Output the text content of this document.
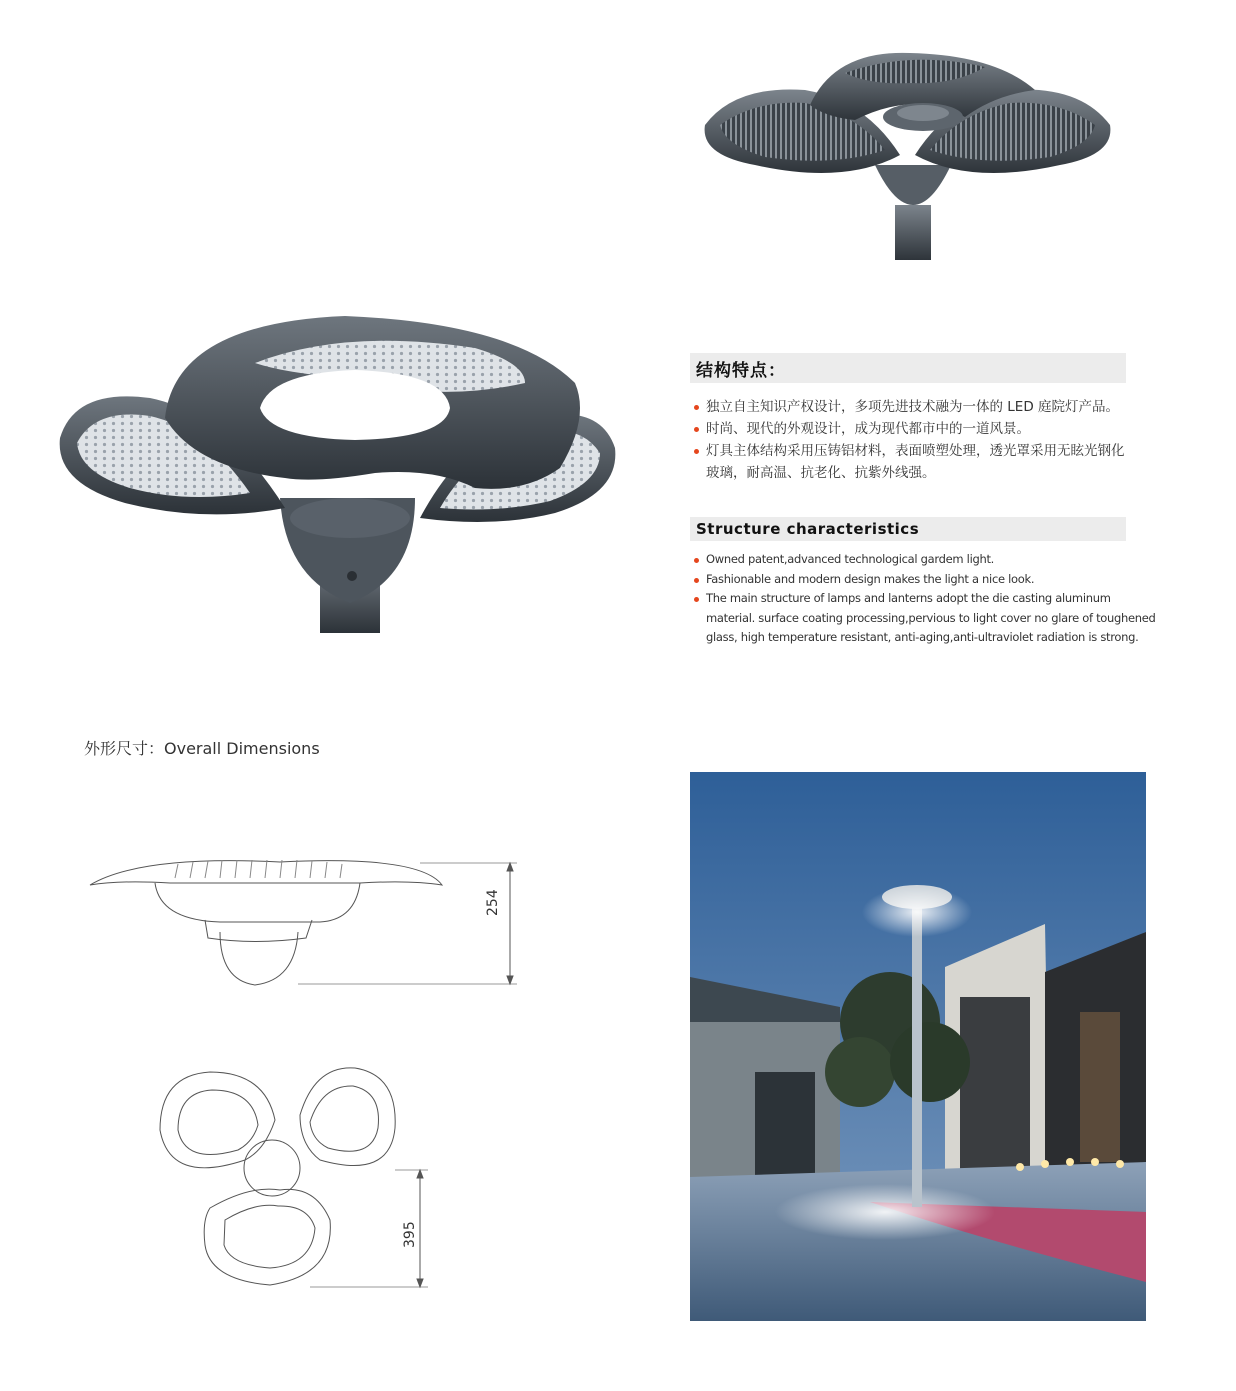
结构特点：
独立自主知识产权设计，多项先进技术融为一体的 LED 庭院灯产品。
时尚、现代的外观设计，成为现代都市中的一道风景。
灯具主体结构采用压铸铝材料，表面喷塑处理，透光罩采用无眩光钢化玻璃，耐高温、抗老化、抗紫外线强。
Structure characteristics
Owned patent,advanced technological gardem light.
Fashionable and modern design makes the light a nice look.
The main structure of lamps and lanterns adopt the die casting aluminum material. surface coating processing,pervious to light cover no glare of toughened glass, high temperature resistant, anti-aging,anti-ultraviolet radiation is strong.
外形尺寸：Overall Dimensions
254
395
